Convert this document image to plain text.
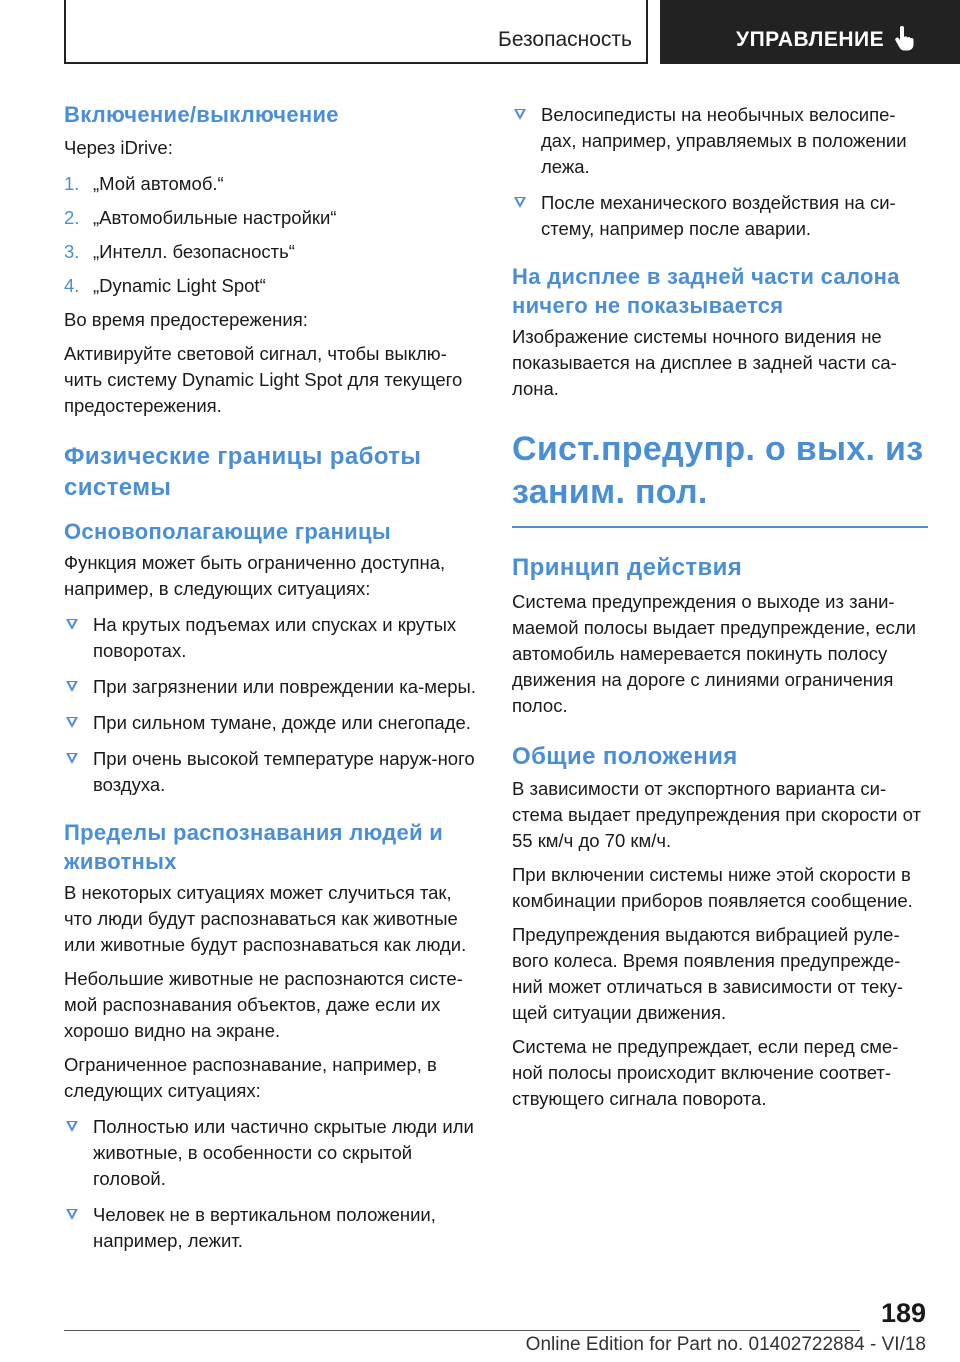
Безопасность	УПРАВЛЕНИЕ
Включение/выключение

Через iDrive:

1. „Мой автомоб.“
2. „Автомобильные настройки“
3. „Интелл. безопасность“
4. „Dynamic Light Spot“

Во время предостережения:

Активируйте световой сигнал, чтобы выклю-чить систему Dynamic Light Spot для текущего предостережения.

Физические границы работы системы
Основополагающие границы

Функция может быть ограниченно доступна, например, в следующих ситуациях:

На крутых подъемах или спусках и крутых поворотах.
При загрязнении или повреждении ка-меры.
При сильном тумане, дожде или снегопаде.
При очень высокой температуре наруж-ного воздуха.
Пределы распознавания людей и животных

В некоторых ситуациях может случиться так, что люди будут распознаваться как животные или животные будут распознаваться как люди.

Небольшие животные не распознаются систе-мой распознавания объектов, даже если их хорошо видно на экране.

Ограниченное распознавание, например, в следующих ситуациях:

Полностью или частично скрытые люди или животные, в особенности со скрытой головой.
Человек не в вертикальном положении, например, лежит.
Велосипедисты на необычных велосипе-дах, например, управляемых в положении лежа.
После механического воздействия на си-стему, например после аварии.
На дисплее в задней части салона ничего не показывается

Изображение системы ночного видения не показывается на дисплее в задней части са-лона.

Сист.предупр. о вых. из заним. пол.
Принцип действия

Система предупреждения о выходе из зани-маемой полосы выдает предупреждение, если автомобиль намеревается покинуть полосу движения на дороге с линиями ограничения полос.

Общие положения

В зависимости от экспортного варианта си-стема выдает предупреждения при скорости от 55 км/ч до 70 км/ч.

При включении системы ниже этой скорости в комбинации приборов появляется сообщение.

Предупреждения выдаются вибрацией руле-вого колеса. Время появления предупрежде-ний может отличаться в зависимости от теку-щей ситуации движения.

Система не предупреждает, если перед сме-ной полосы происходит включение соответ-ствующего сигнала поворота.

189
Online Edition for Part no. 01402722884 - VI/18
